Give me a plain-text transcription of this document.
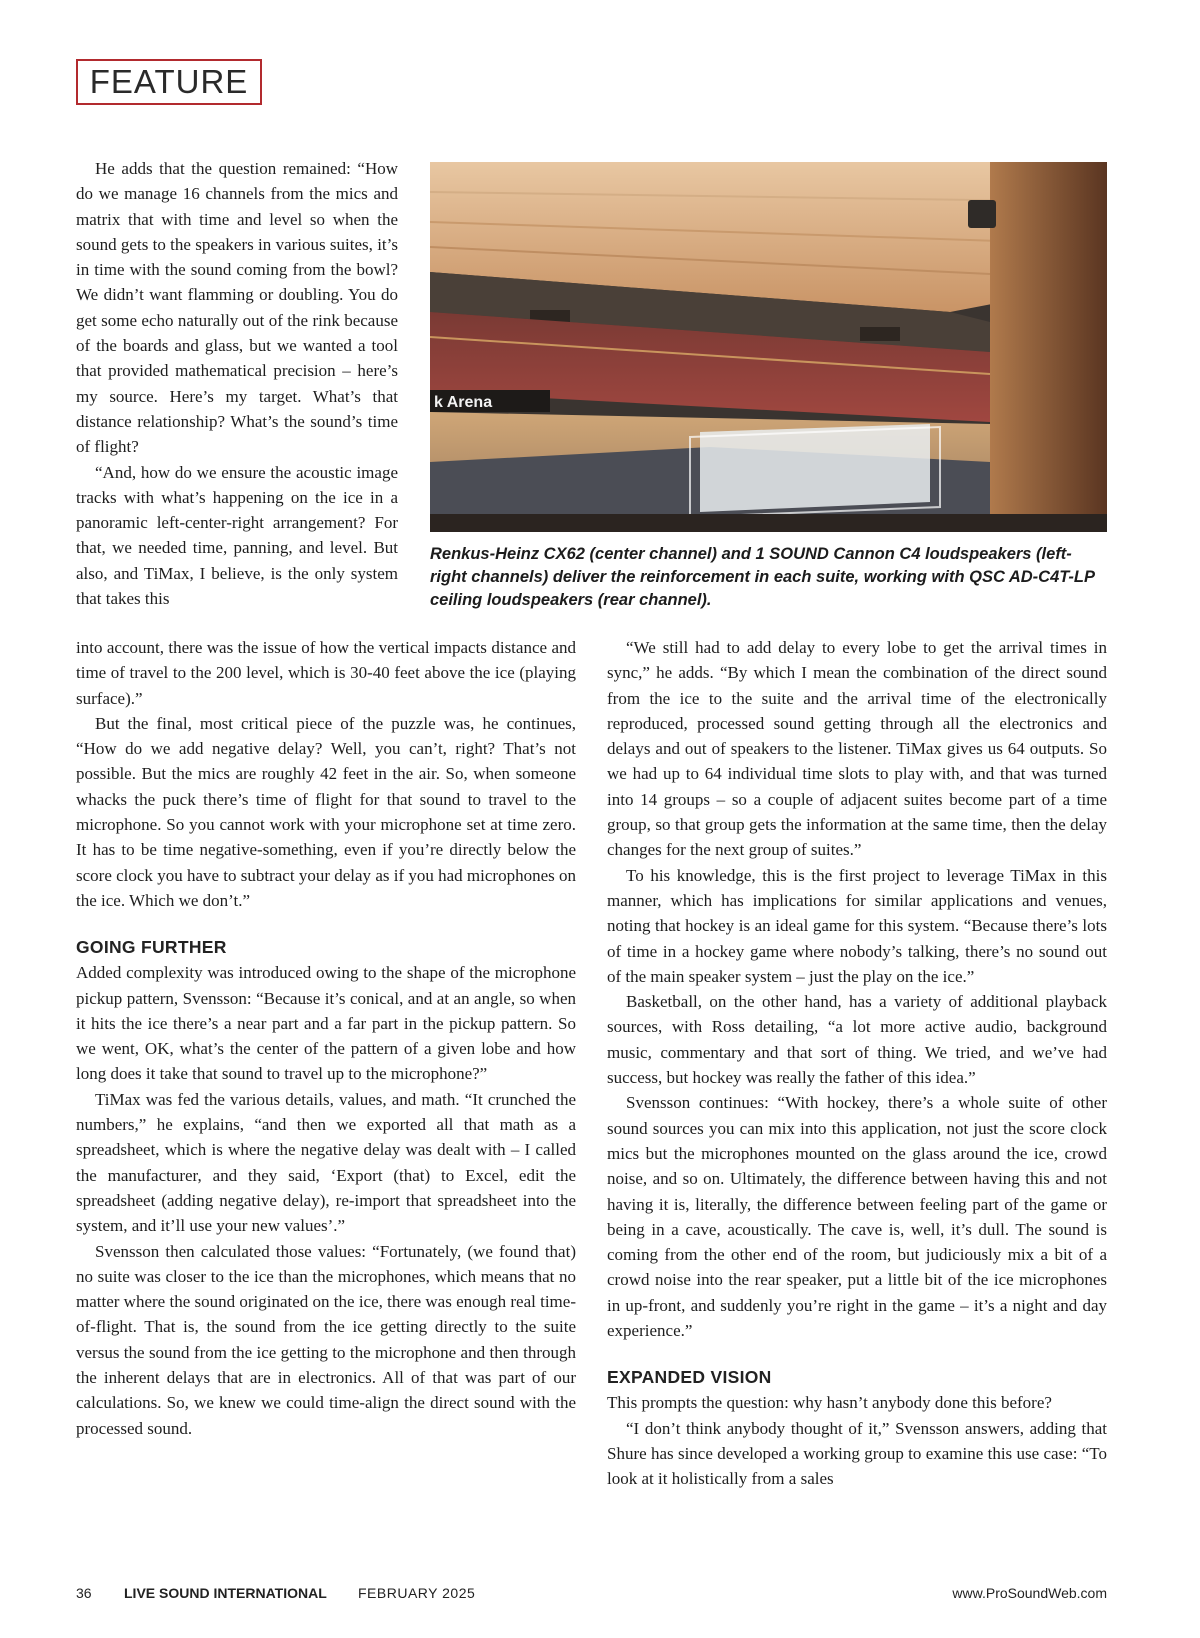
FEATURE

He adds that the question remained: “How do we manage 16 channels from the mics and matrix that with time and level so when the sound gets to the speakers in various suites, it’s in time with the sound coming from the bowl? We didn’t want flamming or doubling. You do get some echo naturally out of the rink because of the boards and glass, but we wanted a tool that provided mathematical precision – here’s my source. Here’s my target. What’s that distance relationship? What’s the sound’s time of flight?

“And, how do we ensure the acoustic image tracks with what’s happening on the ice in a panoramic left-center-right arrangement? For that, we needed time, panning, and level. But also, and TiMax, I believe, is the only system that takes this

k Arena
Renkus-Heinz CX62 (center channel) and 1 SOUND Cannon C4 loudspeakers (left-right channels) deliver the reinforcement in each suite, working with QSC AD-C4T-LP ceiling loudspeakers (rear channel).

into account, there was the issue of how the vertical impacts distance and time of travel to the 200 level, which is 30-40 feet above the ice (playing surface).”

But the final, most critical piece of the puzzle was, he continues, “How do we add negative delay? Well, you can’t, right? That’s not possible. But the mics are roughly 42 feet in the air. So, when someone whacks the puck there’s time of flight for that sound to travel to the microphone. So you cannot work with your microphone set at time zero. It has to be time negative-something, even if you’re directly below the score clock you have to subtract your delay as if you had microphones on the ice. Which we don’t.”

GOING FURTHER

Added complexity was introduced owing to the shape of the microphone pickup pattern, Svensson: “Because it’s conical, and at an angle, so when it hits the ice there’s a near part and a far part in the pickup pattern. So we went, OK, what’s the center of the pattern of a given lobe and how long does it take that sound to travel up to the microphone?”

TiMax was fed the various details, values, and math. “It crunched the numbers,” he explains, “and then we exported all that math as a spreadsheet, which is where the negative delay was dealt with – I called the manufacturer, and they said, ‘Export (that) to Excel, edit the spreadsheet (adding negative delay), re-import that spreadsheet into the system, and it’ll use your new values’.”

Svensson then calculated those values: “Fortunately, (we found that) no suite was closer to the ice than the microphones, which means that no matter where the sound originated on the ice, there was enough real time-of-flight. That is, the sound from the ice getting directly to the suite versus the sound from the ice getting to the microphone and then through the inherent delays that are in electronics. All of that was part of our calculations. So, we knew we could time-align the direct sound with the processed sound.

“We still had to add delay to every lobe to get the arrival times in sync,” he adds. “By which I mean the combination of the direct sound from the ice to the suite and the arrival time of the electronically reproduced, processed sound getting through all the electronics and delays and out of speakers to the listener. TiMax gives us 64 outputs. So we had up to 64 individual time slots to play with, and that was turned into 14 groups – so a couple of adjacent suites become part of a time group, so that group gets the information at the same time, then the delay changes for the next group of suites.”

To his knowledge, this is the first project to leverage TiMax in this manner, which has implications for similar applications and venues, noting that hockey is an ideal game for this system. “Because there’s lots of time in a hockey game where nobody’s talking, there’s no sound out of the main speaker system – just the play on the ice.”

Basketball, on the other hand, has a variety of additional playback sources, with Ross detailing, “a lot more active audio, background music, commentary and that sort of thing. We tried, and we’ve had success, but hockey was really the father of this idea.”

Svensson continues: “With hockey, there’s a whole suite of other sound sources you can mix into this application, not just the score clock mics but the microphones mounted on the glass around the ice, crowd noise, and so on. Ultimately, the difference between having this and not having it is, literally, the difference between feeling part of the game or being in a cave, acoustically. The cave is, well, it’s dull. The sound is coming from the other end of the room, but judiciously mix a bit of a crowd noise into the rear speaker, put a little bit of the ice microphones in up-front, and suddenly you’re right in the game – it’s a night and day experience.”

EXPANDED VISION

This prompts the question: why hasn’t anybody done this before?

“I don’t think anybody thought of it,” Svensson answers, adding that Shure has since developed a working group to examine this use case: “To look at it holistically from a sales

36 LIVE SOUND INTERNATIONAL FEBRUARY 2025	www.ProSoundWeb.com
